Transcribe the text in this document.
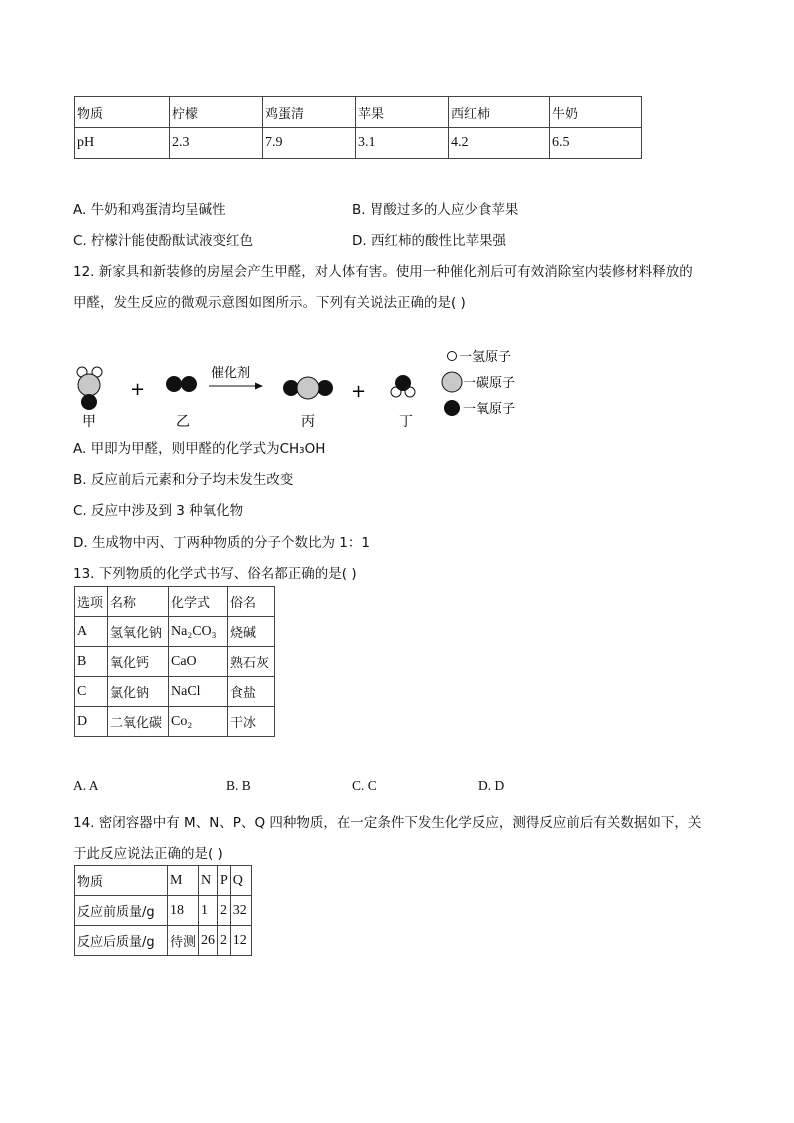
物质	柠檬	鸡蛋清	苹果	西红柿	牛奶
pH	2.3	7.9	3.1	4.2	6.5
A. 牛奶和鸡蛋清均呈碱性	B. 胃酸过多的人应少食苹果
C. 柠檬汁能使酚酞试液变红色	D. 西红柿的酸性比苹果强
12. 新家具和新装修的房屋会产生甲醛，对人体有害。使用一种催化剂后可有效消除室内装修材料释放的
甲醛，发生反应的微观示意图如图所示。下列有关说法正确的是( )
+
催化剂
+
甲	乙	丙	丁
一氢原子
一碳原子
一氧原子
A. 甲即为甲醛，则甲醛的化学式为CH₃OH
B. 反应前后元素和分子均未发生改变
C. 反应中涉及到 3 种氧化物
D. 生成物中丙、丁两种物质的分子个数比为 1：1
13. 下列物质的化学式书写、俗名都正确的是( )
选项	名称	化学式	俗名
A	氢氧化钠	Na₂CO₃	烧碱
B	氧化钙	CaO	熟石灰
C	氯化钠	NaCl	食盐
D	二氧化碳	Co₂	干冰
A. A	B. B	C. C	D. D
14. 密闭容器中有 M、N、P、Q 四种物质，在一定条件下发生化学反应，测得反应前后有关数据如下，关
于此反应说法正确的是( )
物质	M	N	P	Q
反应前质量/g	18	1	2	32
反应后质量/g	待测	26	2	12
